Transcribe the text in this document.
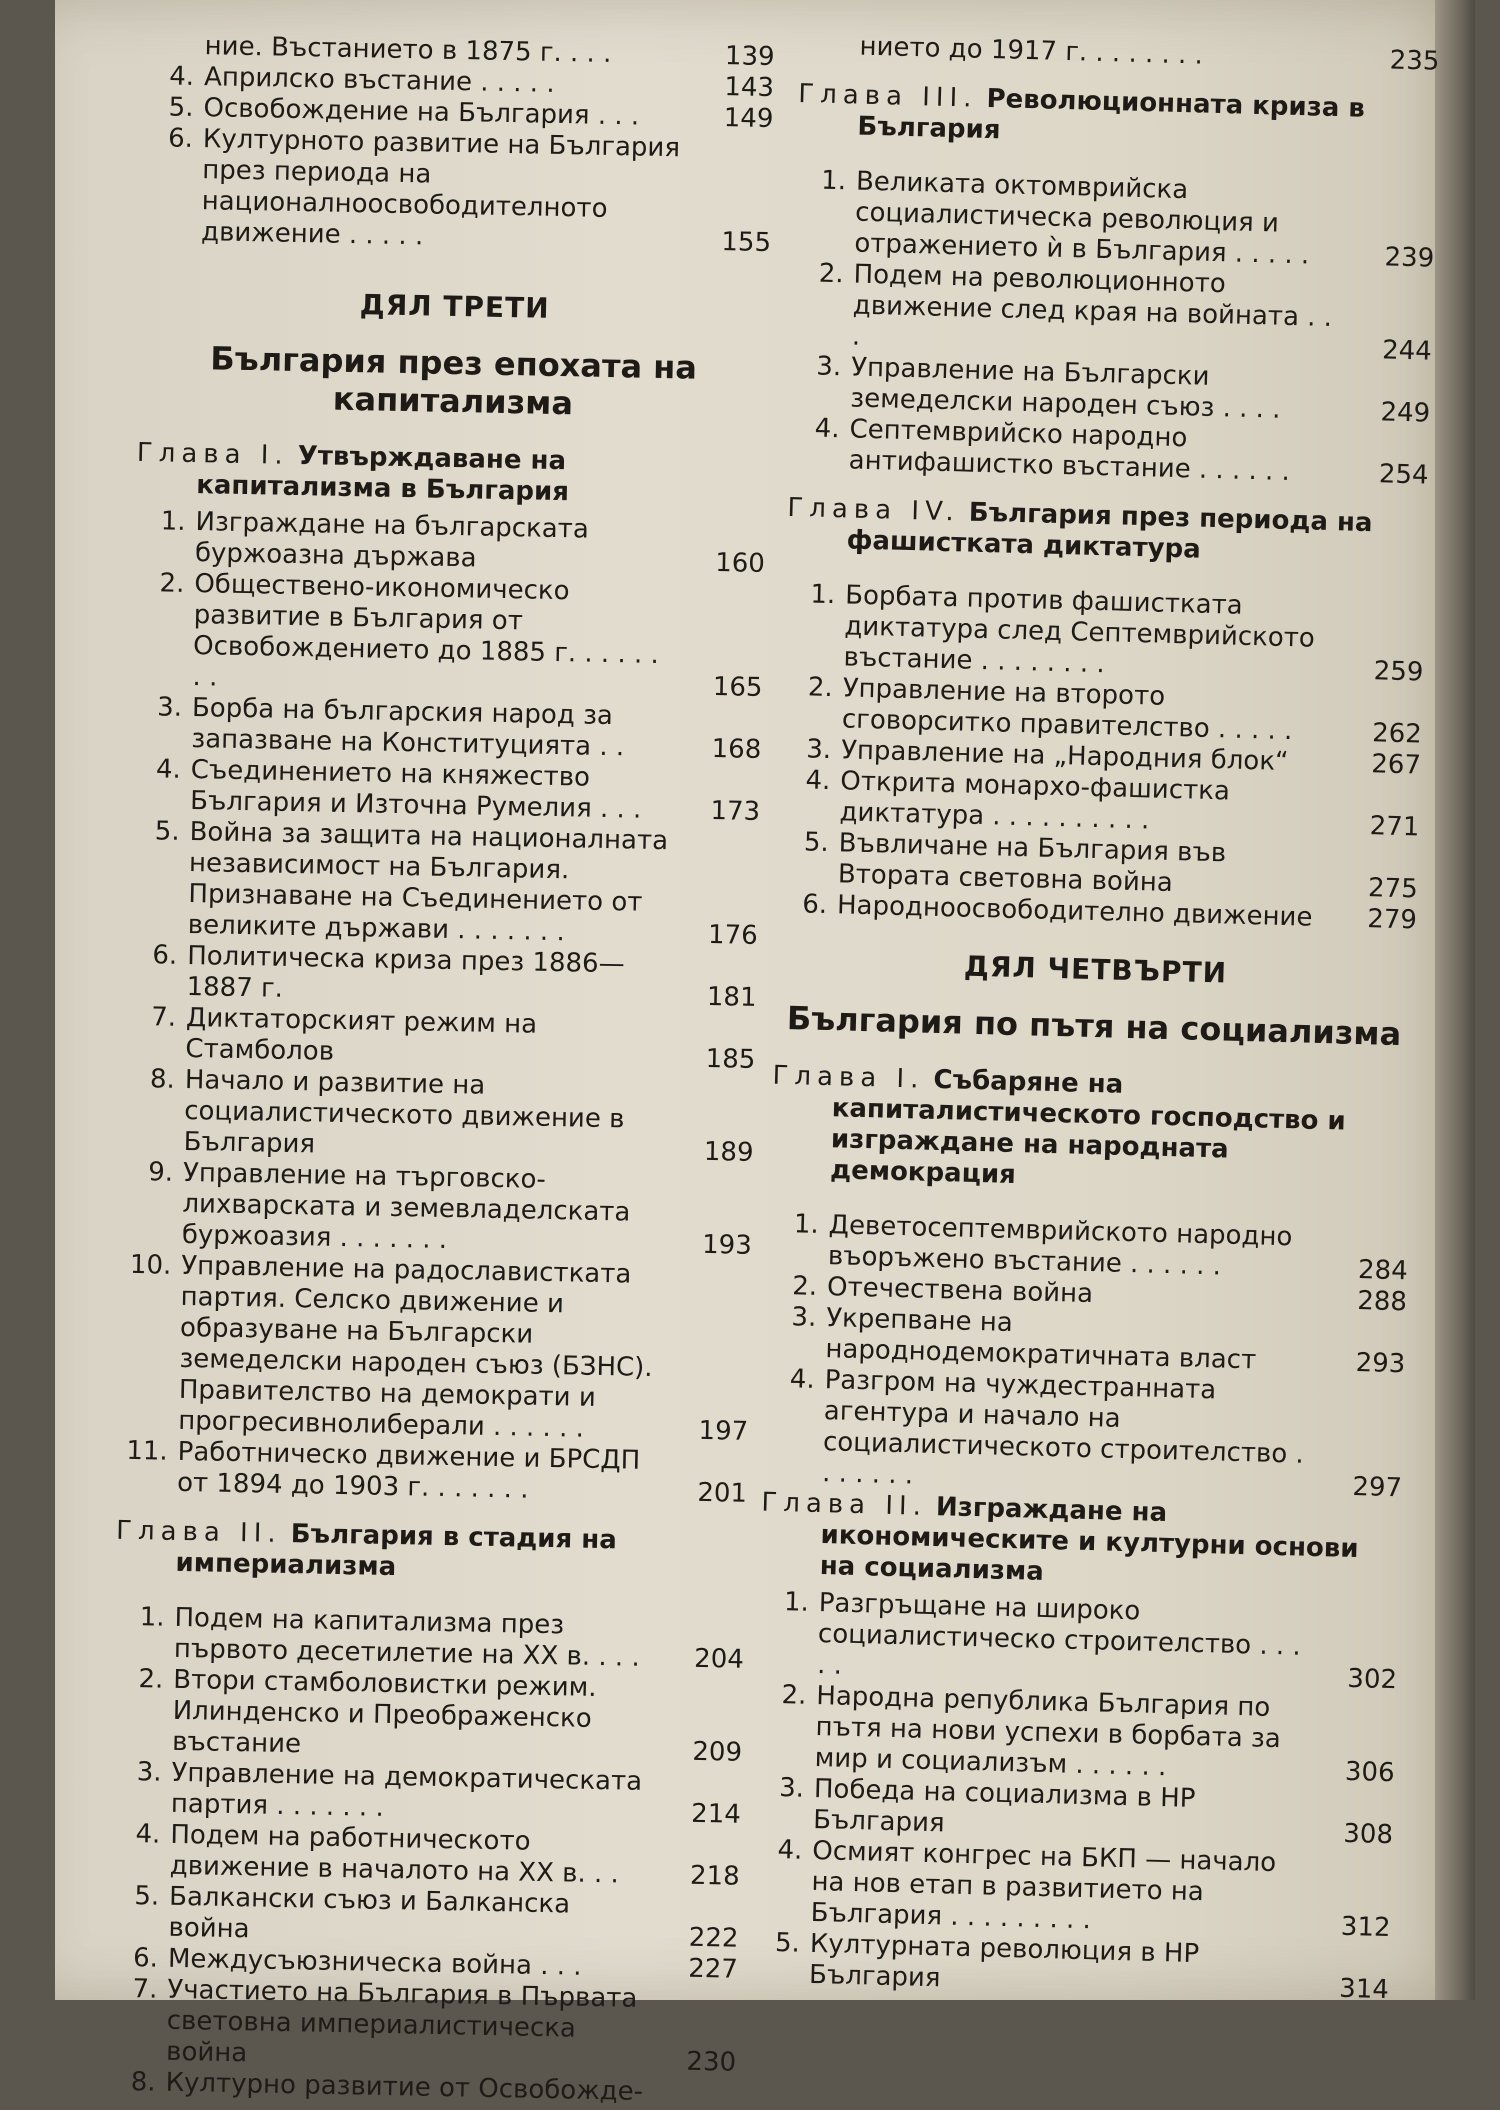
ние. Въстанието в 1875 г. . . .	139

4. Априлско въстание . . . . .	143

5. Освобождение на България . . .	149

6. Културното развитие на България през периода на националноосвободителното движение . . . . .	155

ДЯЛ ТРЕТИ
България през епохата на капитализма
Глава I. Утвърждаване на капитализма в България

1. Изграждане на българската буржоазна държава	160

2. Обществено-икономическо развитие в България от Освобождението до 1885 г. . . . . . . .	165

3. Борба на българския народ за запазване на Конституцията . .	168

4. Съединението на княжество България и Източна Румелия . . .	173

5. Война за защита на националната независимост на България. Признаване на Съединението от великите държави . . . . . . .	176

6. Политическа криза през 1886—1887 г.	181

7. Диктаторският режим на Стамболов	185

8. Начало и развитие на социалистическото движение в България	189

9. Управление на търговско-лихварската и земевладелската буржоазия . . . . . . .	193

10. Управление на радославистката партия. Селско движение и образуване на Български земеделски народен съюз (БЗНС). Правителство на демократи и прогресивнолиберали . . . . . .	197

11. Работническо движение и БРСДП от 1894 до 1903 г. . . . . . .	201

Глава II. България в стадия на империализма

1. Подем на капитализма през първото десетилетие на XX в. . . .	204

2. Втори стамболовистки режим. Илинденско и Преображенско въстание	209

3. Управление на демократическата партия . . . . . . .	214

4. Подем на работническото движение в началото на XX в. . .	218

5. Балкански съюз и Балканска война	222

6. Междусъюзническа война . . .	227

7. Участието на България в Първата световна империалистическа война	230

8. Културно развитие от Освобожде-

нието до 1917 г. . . . . . . .	235

Глава III. Революционната криза в България

1. Великата октомврийска социалистическа революция и отражението ѝ в България . . . . .	239

2. Подем на революционното движение след края на войната . . .	244

3. Управление на Български земеделски народен съюз . . . .	249

4. Септемврийско народно антифашистко въстание . . . . . .	254

Глава IV. България през периода на фашистката диктатура

1. Борбата против фашистката диктатура след Септемврийското въстание . . . . . . . .	259

2. Управление на второто сговорситко правителство . . . . .	262

3. Управление на „Народния блок“	267

4. Открита монархо-фашистка диктатура . . . . . . . . . .	271

5. Въвличане на България във Втората световна война	275

6. Народноосвободително движение	279

ДЯЛ ЧЕТВЪРТИ
България по пътя на социализма
Глава I. Събаряне на капиталистическото господство и изграждане на народната демокрация

1. Деветосептемврийското народно въоръжено въстание . . . . . .	284

2. Отечествена война	288

3. Укрепване на народнодемократичната власт	293

4. Разгром на чуждестранната агентура и начало на социалистическото строителство . . . . . . .	297

Глава II. Изграждане на икономическите и културни основи на социализма

1. Разгръщане на широко социалистическо строителство . . . . .	302

2. Народна република България по пътя на нови успехи в борбата за мир и социализъм . . . . . .	306

3. Победа на социализма в НР България	308

4. Осмият конгрес на БКП — начало на нов етап в развитието на България . . . . . . . . .	312

5. Културната революция в НР България	314
